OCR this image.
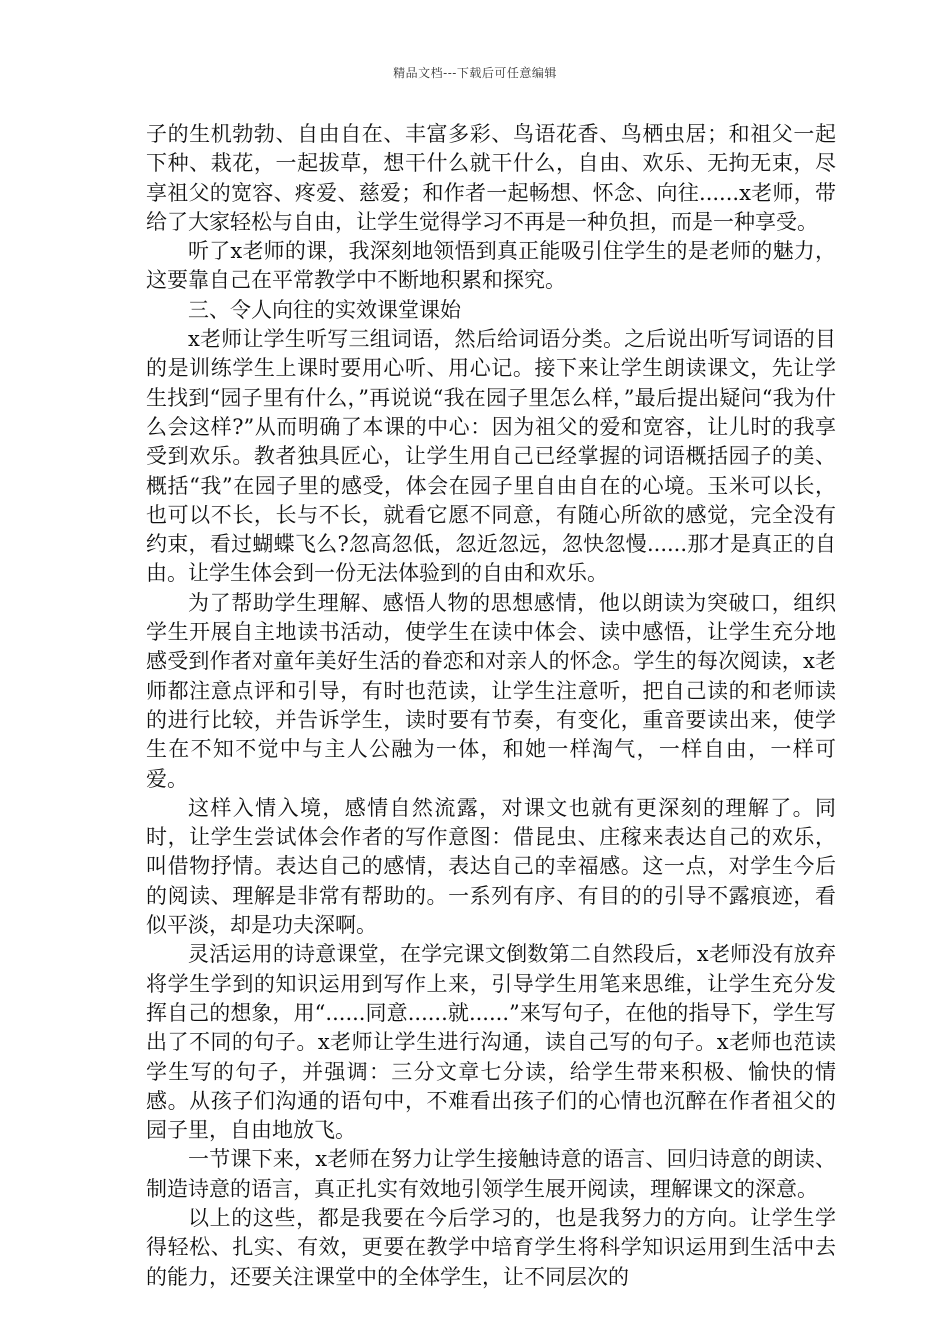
精品文档---下载后可任意编辑

子的生机勃勃、自由自在、丰富多彩、鸟语花香、鸟栖虫居；和祖父一起下种、栽花，一起拔草，想干什么就干什么，自由、欢乐、无拘无束，尽享祖父的宽容、疼爱、慈爱；和作者一起畅想、怀念、向往......x老师，带给了大家轻松与自由，让学生觉得学习不再是一种负担，而是一种享受。

听了x老师的课，我深刻地领悟到真正能吸引住学生的是老师的魅力，这要靠自己在平常教学中不断地积累和探究。

三、令人向往的实效课堂课始

x老师让学生听写三组词语，然后给词语分类。之后说出听写词语的目的是训练学生上课时要用心听、用心记。接下来让学生朗读课文，先让学生找到“园子里有什么，”再说说“我在园子里怎么样，”最后提出疑问“我为什么会这样?”从而明确了本课的中心：因为祖父的爱和宽容，让儿时的我享受到欢乐。教者独具匠心，让学生用自己已经掌握的词语概括园子的美、概括“我”在园子里的感受，体会在园子里自由自在的心境。玉米可以长，也可以不长，长与不长，就看它愿不同意，有随心所欲的感觉，完全没有约束，看过蝴蝶飞么?忽高忽低，忽近忽远，忽快忽慢......那才是真正的自由。让学生体会到一份无法体验到的自由和欢乐。

为了帮助学生理解、感悟人物的思想感情，他以朗读为突破口，组织学生开展自主地读书活动，使学生在读中体会、读中感悟，让学生充分地感受到作者对童年美好生活的眷恋和对亲人的怀念。学生的每次阅读，x老师都注意点评和引导，有时也范读，让学生注意听，把自己读的和老师读的进行比较，并告诉学生，读时要有节奏，有变化，重音要读出来，使学生在不知不觉中与主人公融为一体，和她一样淘气，一样自由，一样可爱。

这样入情入境，感情自然流露，对课文也就有更深刻的理解了。同时，让学生尝试体会作者的写作意图：借昆虫、庄稼来表达自己的欢乐，叫借物抒情。表达自己的感情，表达自己的幸福感。这一点，对学生今后的阅读、理解是非常有帮助的。一系列有序、有目的的引导不露痕迹，看似平淡，却是功夫深啊。

灵活运用的诗意课堂，在学完课文倒数第二自然段后，x老师没有放弃将学生学到的知识运用到写作上来，引导学生用笔来思维，让学生充分发挥自己的想象，用“......同意......就......”来写句子，在他的指导下，学生写出了不同的句子。x老师让学生进行沟通，读自己写的句子。x老师也范读学生写的句子，并强调：三分文章七分读，给学生带来积极、愉快的情感。从孩子们沟通的语句中，不难看出孩子们的心情也沉醉在作者祖父的园子里，自由地放飞。

一节课下来，x老师在努力让学生接触诗意的语言、回归诗意的朗读、制造诗意的语言，真正扎实有效地引领学生展开阅读，理解课文的深意。

以上的这些，都是我要在今后学习的，也是我努力的方向。让学生学得轻松、扎实、有效，更要在教学中培育学生将科学知识运用到生活中去的能力，还要关注课堂中的全体学生，让不同层次的
